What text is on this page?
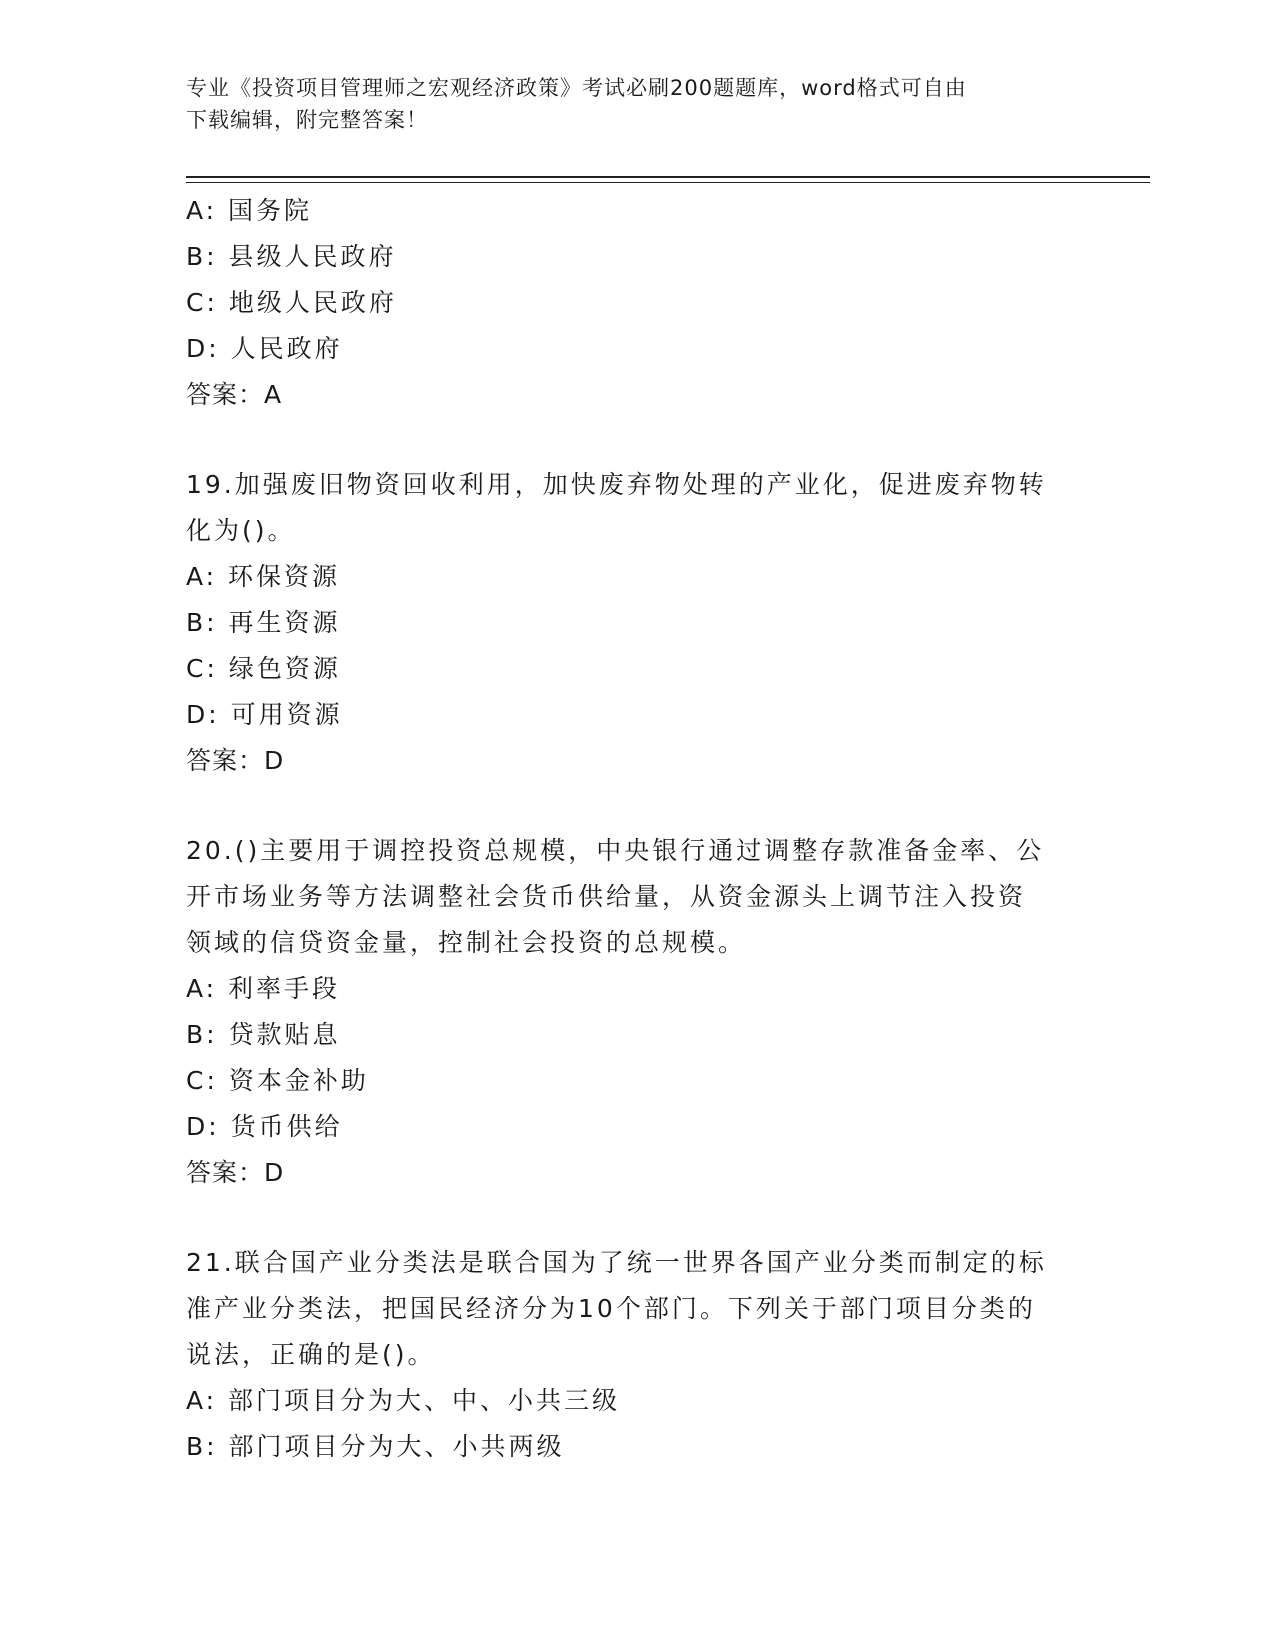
专业《投资项目管理师之宏观经济政策》考试必刷200题题库，word格式可自由
下载编辑，附完整答案！
A: 国务院
B: 县级人民政府
C: 地级人民政府
D: 人民政府
答案：A
19.加强废旧物资回收利用，加快废弃物处理的产业化，促进废弃物转
化为()。
A: 环保资源
B: 再生资源
C: 绿色资源
D: 可用资源
答案：D
20.()主要用于调控投资总规模，中央银行通过调整存款准备金率、公
开市场业务等方法调整社会货币供给量，从资金源头上调节注入投资
领域的信贷资金量，控制社会投资的总规模。
A: 利率手段
B: 贷款贴息
C: 资本金补助
D: 货币供给
答案：D
21.联合国产业分类法是联合国为了统一世界各国产业分类而制定的标
准产业分类法，把国民经济分为10个部门。下列关于部门项目分类的
说法，正确的是()。
A: 部门项目分为大、中、小共三级
B: 部门项目分为大、小共两级
